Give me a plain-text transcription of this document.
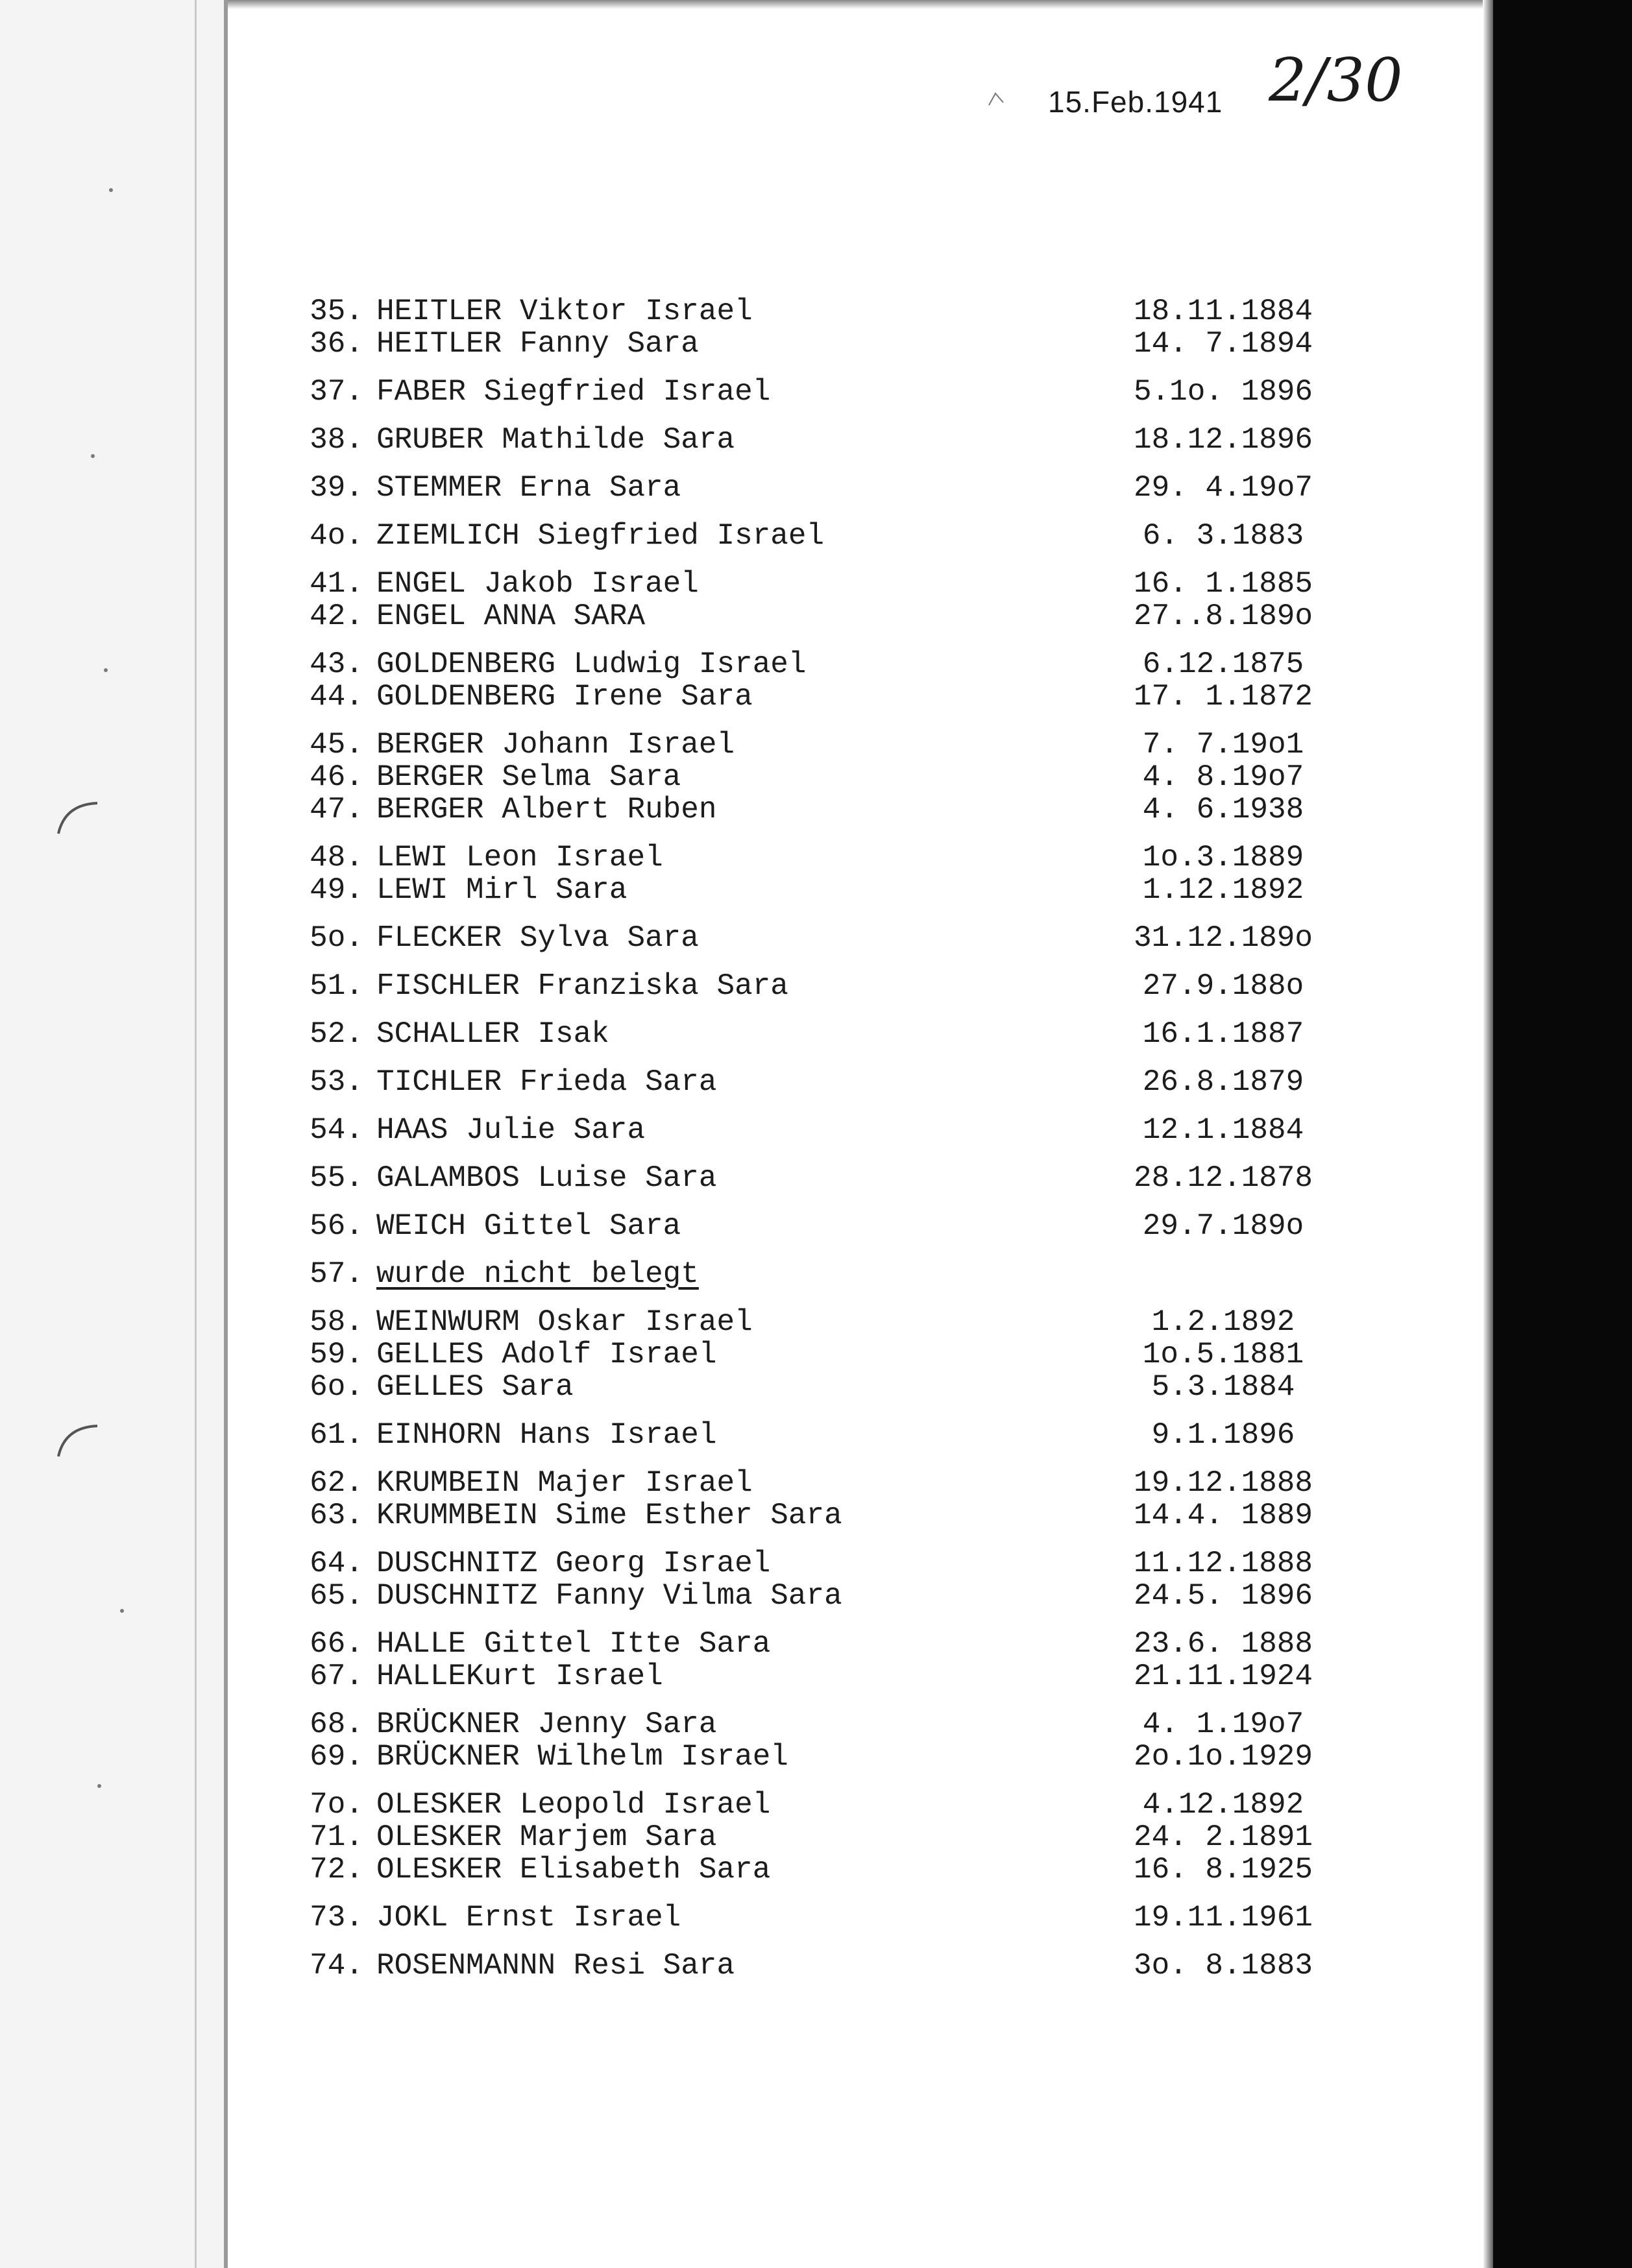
15.Feb.1941 2/30
35. HEITLER Viktor Israel	18.11.1884
36. HEITLER Fanny Sara	14. 7.1894
37. FABER Siegfried Israel	5.1o. 1896
38. GRUBER Mathilde Sara	18.12.1896
39. STEMMER Erna Sara	29. 4.19o7
4o. ZIEMLICH Siegfried Israel	6. 3.1883
41. ENGEL Jakob Israel	16. 1.1885
42. ENGEL ANNA SARA	27..8.189o
43. GOLDENBERG Ludwig Israel	6.12.1875
44. GOLDENBERG Irene Sara	17. 1.1872
45. BERGER Johann Israel	7. 7.19o1
46. BERGER Selma Sara	4. 8.19o7
47. BERGER Albert Ruben	4. 6.1938
48. LEWI Leon Israel	1o.3.1889
49. LEWI Mirl Sara	1.12.1892
5o. FLECKER Sylva Sara	31.12.189o
51. FISCHLER Franziska Sara	27.9.188o
52. SCHALLER Isak	16.1.1887
53. TICHLER Frieda Sara	26.8.1879
54. HAAS Julie Sara	12.1.1884
55. GALAMBOS Luise Sara	28.12.1878
56. WEICH Gittel Sara	29.7.189o
57. wurde nicht belegt
58. WEINWURM Oskar Israel	1.2.1892
59. GELLES Adolf Israel	1o.5.1881
6o. GELLES Sara	5.3.1884
61. EINHORN Hans Israel	9.1.1896
62. KRUMBEIN Majer Israel	19.12.1888
63. KRUMMBEIN Sime Esther Sara	14.4. 1889
64. DUSCHNITZ Georg Israel	11.12.1888
65. DUSCHNITZ Fanny Vilma Sara	24.5. 1896
66. HALLE Gittel Itte Sara	23.6. 1888
67. HALLEKurt Israel	21.11.1924
68. BRÜCKNER Jenny Sara	4. 1.19o7
69. BRÜCKNER Wilhelm Israel	2o.1o.1929
7o. OLESKER Leopold Israel	4.12.1892
71. OLESKER Marjem Sara	24. 2.1891
72. OLESKER Elisabeth Sara	16. 8.1925
73. JOKL Ernst Israel	19.11.1961
74. ROSENMANNN Resi Sara	3o. 8.1883
